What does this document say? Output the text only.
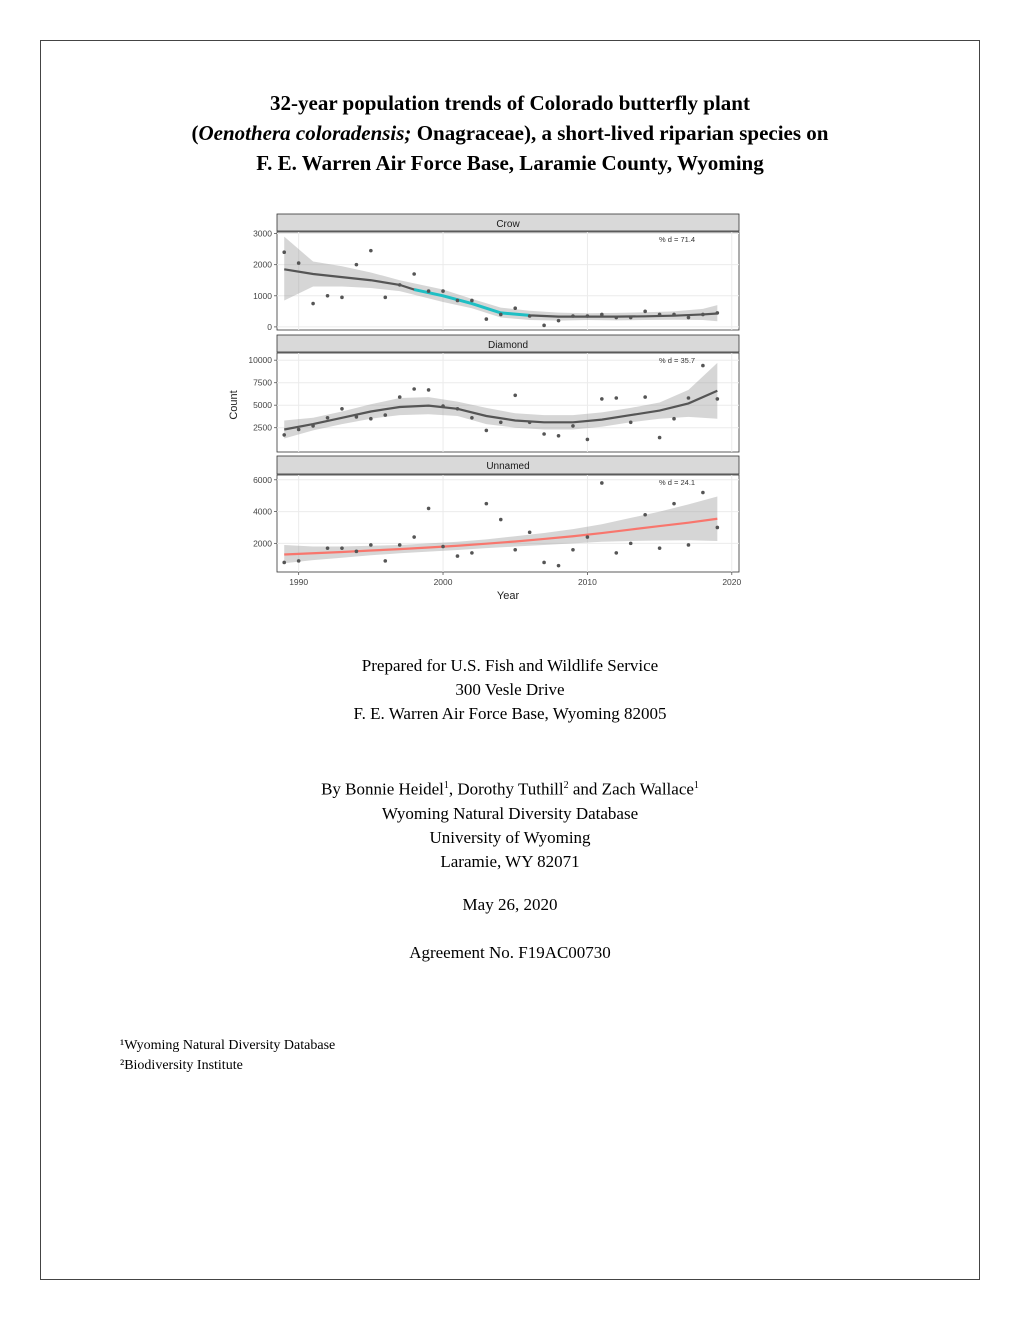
32-year population trends of Colorado butterfly plant
(Oenothera coloradensis; Onagraceae), a short-lived riparian species on
F. E. Warren Air Force Base, Laramie County, Wyoming
Crow
0
1000
2000
3000
% d = 71.4
Diamond
2500
5000
7500
10000	% d = 35.7
Unnamed
2000
4000
6000	% d = 24.1
1990	2000	2010	2020
Year
Count
Prepared for U.S. Fish and Wildlife Service
300 Vesle Drive
F. E. Warren Air Force Base, Wyoming 82005
By Bonnie Heidel$^1$, Dorothy Tuthill$^2$ and Zach Wallace$^1$
Wyoming Natural Diversity Database
University of Wyoming
Laramie, WY 82071
May 26, 2020
Agreement No. F19AC00730
¹Wyoming Natural Diversity Database
²Biodiversity Institute
